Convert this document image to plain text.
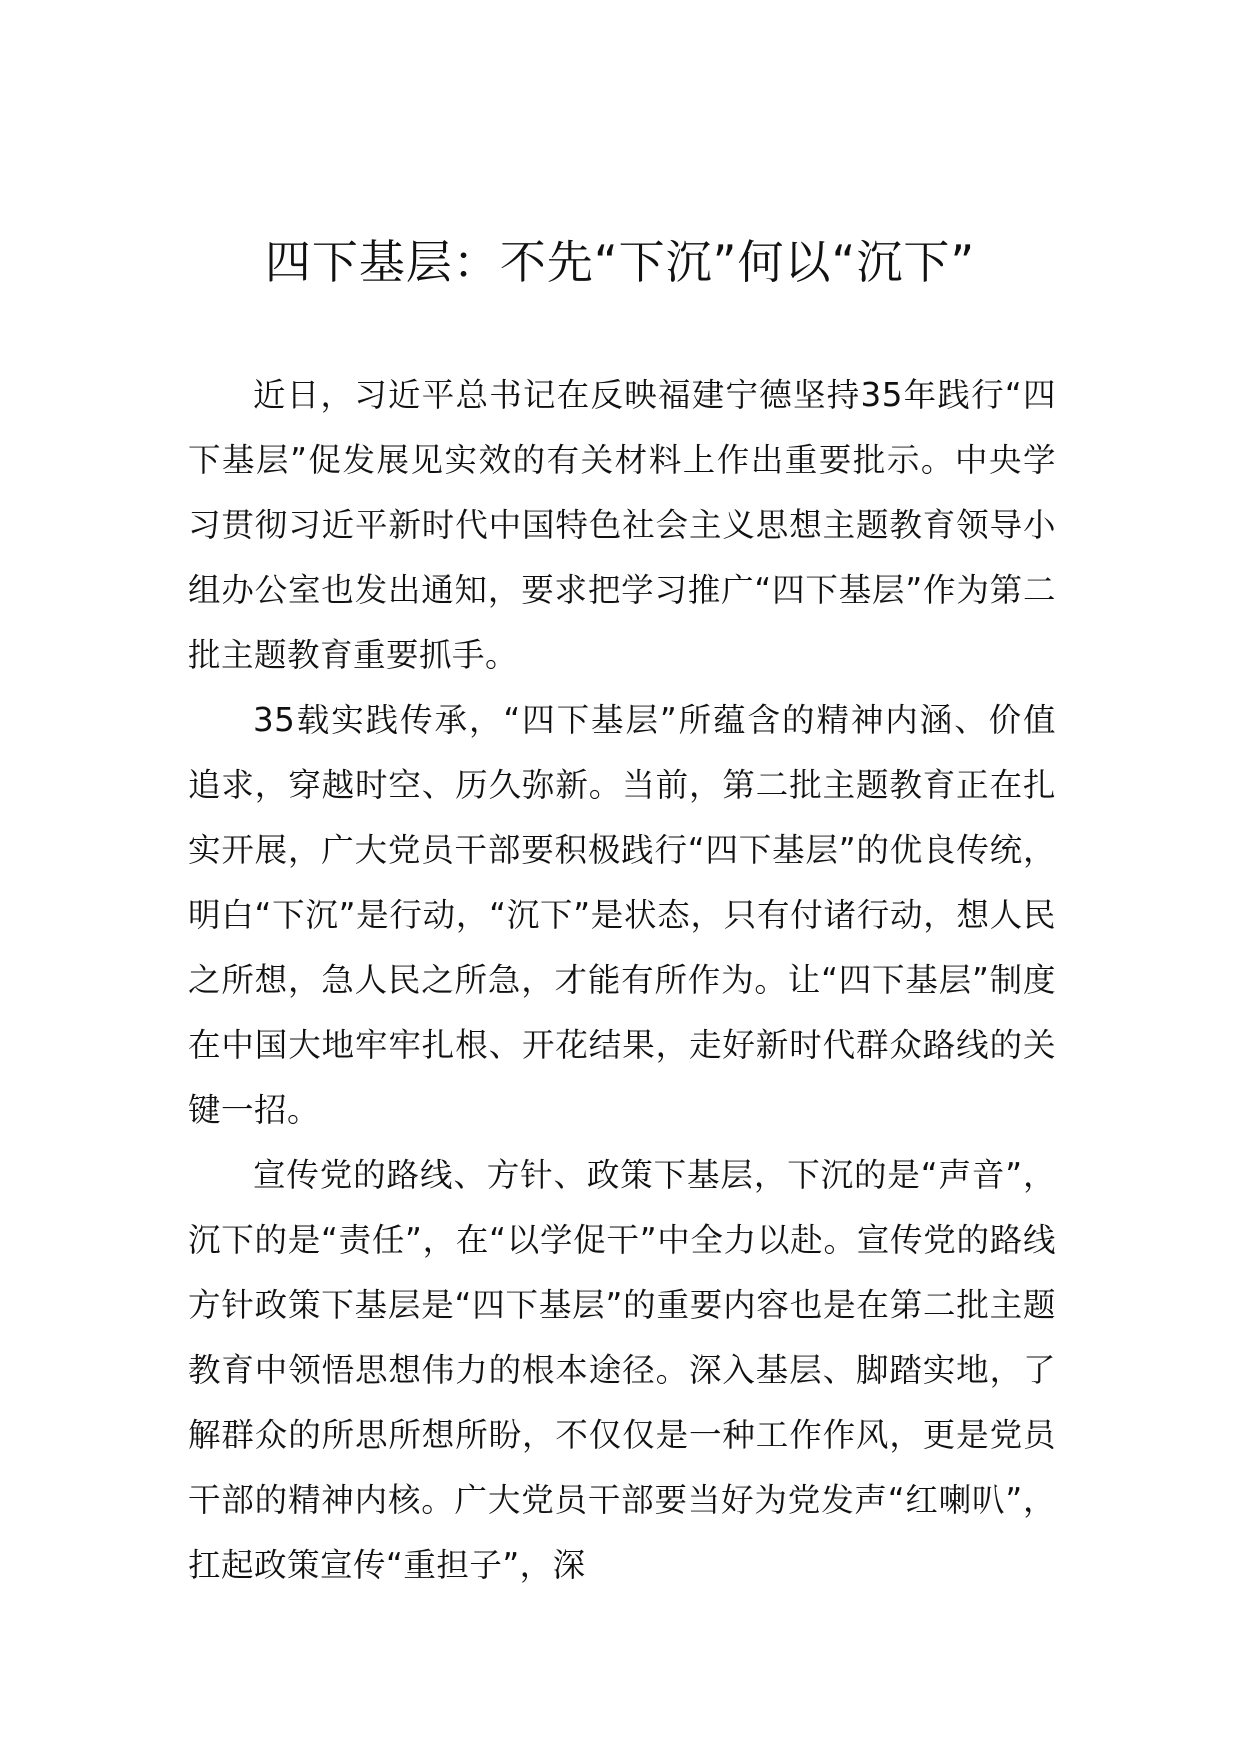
四下基层：不先“下沉”何以“沉下”

近日，习近平总书记在反映福建宁德坚持35年践行“四下基层”促发展见实效的有关材料上作出重要批示。中央学习贯彻习近平新时代中国特色社会主义思想主题教育领导小组办公室也发出通知，要求把学习推广“四下基层”作为第二批主题教育重要抓手。

35载实践传承，“四下基层”所蕴含的精神内涵、价值追求，穿越时空、历久弥新。当前，第二批主题教育正在扎实开展，广大党员干部要积极践行“四下基层”的优良传统，明白“下沉”是行动，“沉下”是状态，只有付诸行动，想人民之所想，急人民之所急，才能有所作为。让“四下基层”制度在中国大地牢牢扎根、开花结果，走好新时代群众路线的关键一招。

宣传党的路线、方针、政策下基层，下沉的是“声音”，沉下的是“责任”，在“以学促干”中全力以赴。宣传党的路线方针政策下基层是“四下基层”的重要内容也是在第二批主题教育中领悟思想伟力的根本途径。深入基层、脚踏实地，了解群众的所思所想所盼，不仅仅是一种工作作风，更是党员干部的精神内核。广大党员干部要当好为党发声“红喇叭”，扛起政策宣传“重担子”，深
